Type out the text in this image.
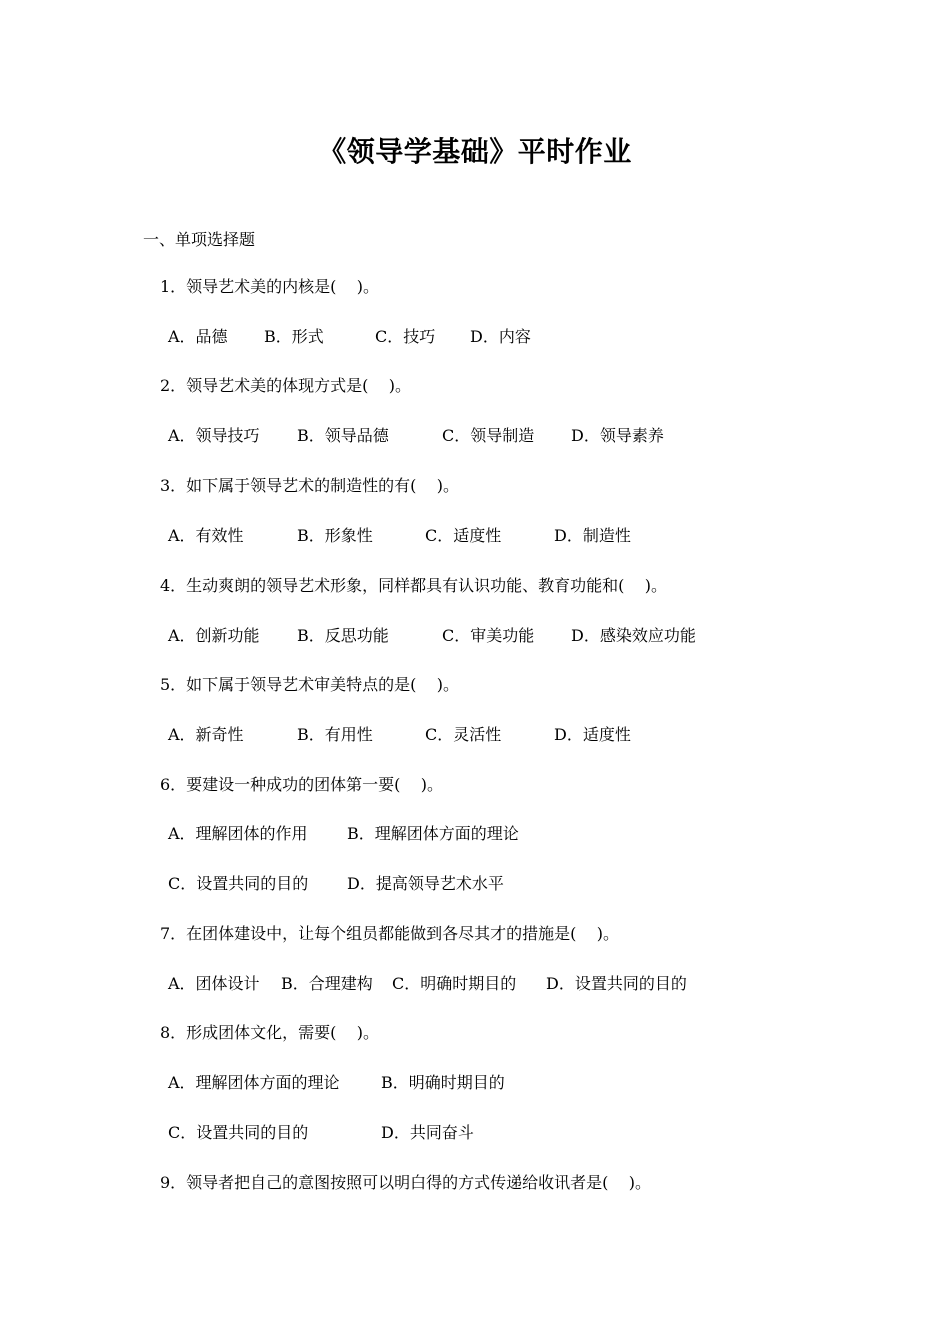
《领导学基础》平时作业
一、单项选择题
1．领导艺术美的内核是(    )。
A．品德 B．形式	C．技巧 D．内容
2．领导艺术美的体现方式是(    )。
A．领导技巧 B．领导品德	C．领导制造 D．领导素养
3．如下属于领导艺术的制造性的有(    )。
A．有效性	B．形象性	C．适度性	D．制造性
4．生动爽朗的领导艺术形象，同样都具有认识功能、教育功能和(    )。
A．创新功能 B．反思功能	C．审美功能 D．感染效应功能
5．如下属于领导艺术审美特点的是(    )。
A．新奇性	B．有用性	C．灵活性	D．适度性
6．要建设一种成功的团体第一要(    )。
A．理解团体的作用 B．理解团体方面的理论
C．设置共同的目的 D．提高领导艺术水平
7．在团体建设中，让每个组员都能做到各尽其才的措施是(    )。
A．团体设计 B．合理建构 C．明确时期目的 D．设置共同的目的
8．形成团体文化，需要(    )。
A．理解团体方面的理论	B．明确时期目的
C．设置共同的目的	D．共同奋斗
9．领导者把自己的意图按照可以明白得的方式传递给收讯者是(    )。
